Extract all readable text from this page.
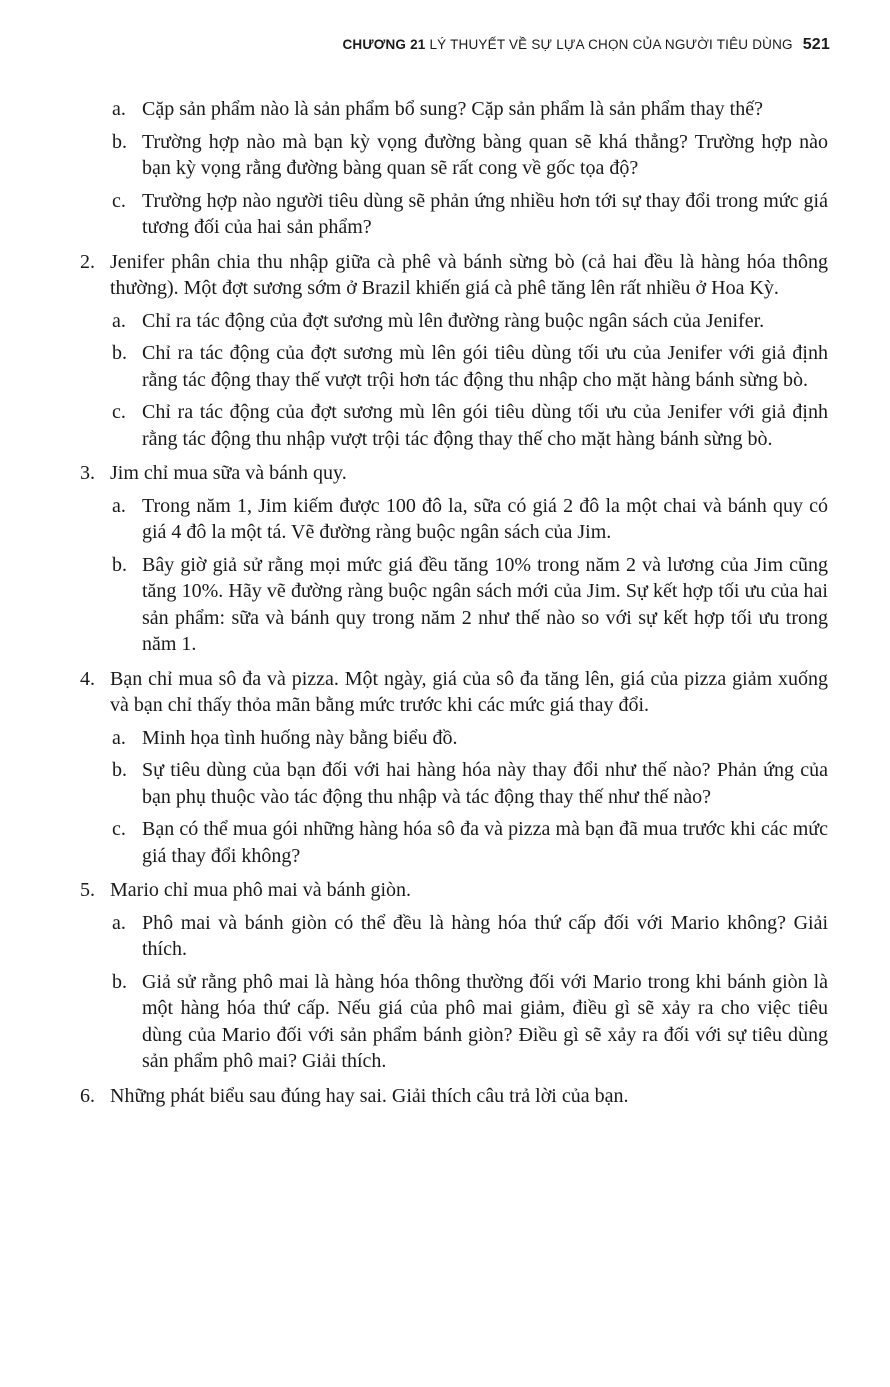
CHƯƠNG 21 LÝ THUYẾT VỀ SỰ LỰA CHỌN CỦA NGƯỜI TIÊU DÙNG 521
a. Cặp sản phẩm nào là sản phẩm bổ sung? Cặp sản phẩm là sản phẩm thay thế?
b. Trường hợp nào mà bạn kỳ vọng đường bàng quan sẽ khá thẳng? Trường hợp nào bạn kỳ vọng rằng đường bàng quan sẽ rất cong về gốc tọa độ?
c. Trường hợp nào người tiêu dùng sẽ phản ứng nhiều hơn tới sự thay đổi trong mức giá tương đối của hai sản phẩm?
2. Jenifer phân chia thu nhập giữa cà phê và bánh sừng bò (cả hai đều là hàng hóa thông thường). Một đợt sương sớm ở Brazil khiến giá cà phê tăng lên rất nhiều ở Hoa Kỳ.
a. Chỉ ra tác động của đợt sương mù lên đường ràng buộc ngân sách của Jenifer.
b. Chỉ ra tác động của đợt sương mù lên gói tiêu dùng tối ưu của Jenifer với giả định rằng tác động thay thế vượt trội hơn tác động thu nhập cho mặt hàng bánh sừng bò.
c. Chỉ ra tác động của đợt sương mù lên gói tiêu dùng tối ưu của Jenifer với giả định rằng tác động thu nhập vượt trội tác động thay thế cho mặt hàng bánh sừng bò.
3. Jim chỉ mua sữa và bánh quy.
a. Trong năm 1, Jim kiếm được 100 đô la, sữa có giá 2 đô la một chai và bánh quy có giá 4 đô la một tá. Vẽ đường ràng buộc ngân sách của Jim.
b. Bây giờ giả sử rằng mọi mức giá đều tăng 10% trong năm 2 và lương của Jim cũng tăng 10%. Hãy vẽ đường ràng buộc ngân sách mới của Jim. Sự kết hợp tối ưu của hai sản phẩm: sữa và bánh quy trong năm 2 như thế nào so với sự kết hợp tối ưu trong năm 1.
4. Bạn chỉ mua sô đa và pizza. Một ngày, giá của sô đa tăng lên, giá của pizza giảm xuống và bạn chỉ thấy thỏa mãn bằng mức trước khi các mức giá thay đổi.
a. Minh họa tình huống này bằng biểu đồ.
b. Sự tiêu dùng của bạn đối với hai hàng hóa này thay đổi như thế nào? Phản ứng của bạn phụ thuộc vào tác động thu nhập và tác động thay thế như thế nào?
c. Bạn có thể mua gói những hàng hóa sô đa và pizza mà bạn đã mua trước khi các mức giá thay đổi không?
5. Mario chỉ mua phô mai và bánh giòn.
a. Phô mai và bánh giòn có thể đều là hàng hóa thứ cấp đối với Mario không? Giải thích.
b. Giả sử rằng phô mai là hàng hóa thông thường đối với Mario trong khi bánh giòn là một hàng hóa thứ cấp. Nếu giá của phô mai giảm, điều gì sẽ xảy ra cho việc tiêu dùng của Mario đối với sản phẩm bánh giòn? Điều gì sẽ xảy ra đối với sự tiêu dùng sản phẩm phô mai? Giải thích.
6. Những phát biểu sau đúng hay sai. Giải thích câu trả lời của bạn.
